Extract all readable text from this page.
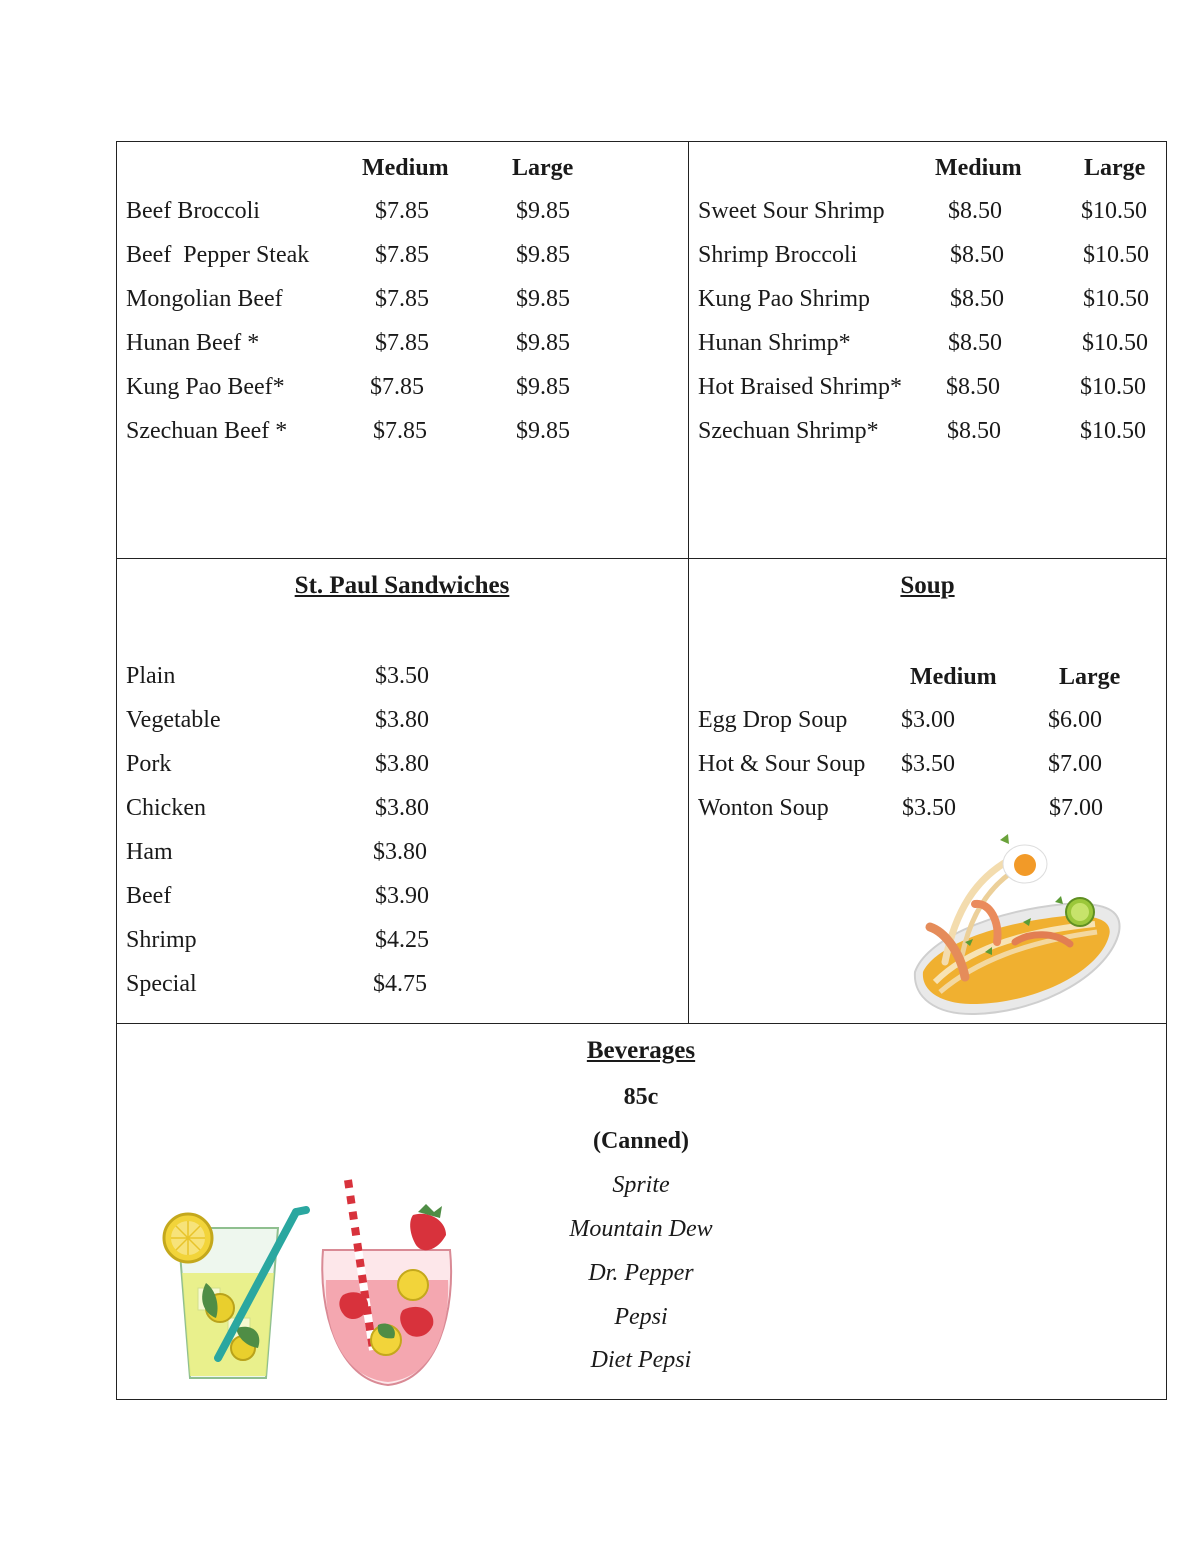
Medium	Large
Beef Broccoli	$7.85	$9.85
Beef  Pepper Steak	$7.85	$9.85
Mongolian Beef	$7.85	$9.85
Hunan Beef *	$7.85	$9.85
Kung Pao Beef*	$7.85	$9.85
Szechuan Beef *	$7.85	$9.85
Medium	Large
Sweet Sour Shrimp	$8.50	$10.50
Shrimp Broccoli	$8.50	$10.50
Kung Pao Shrimp	$8.50	$10.50
Hunan Shrimp*	$8.50	$10.50
Hot Braised Shrimp* $8.50	$10.50
Szechuan Shrimp*	$8.50	$10.50
St. Paul Sandwiches
Plain	$3.50
Vegetable	$3.80
Pork	$3.80
Chicken	$3.80
Ham	$3.80
Beef	$3.90
Shrimp	$4.25
Special	$4.75
Soup
Medium	Large
Egg Drop Soup $3.00	$6.00
Hot & Sour Soup $3.50	$7.00
Wonton Soup	$3.50	$7.00
Beverages
85c
(Canned)
Sprite
Mountain Dew
Dr. Pepper
Pepsi
Diet Pepsi
